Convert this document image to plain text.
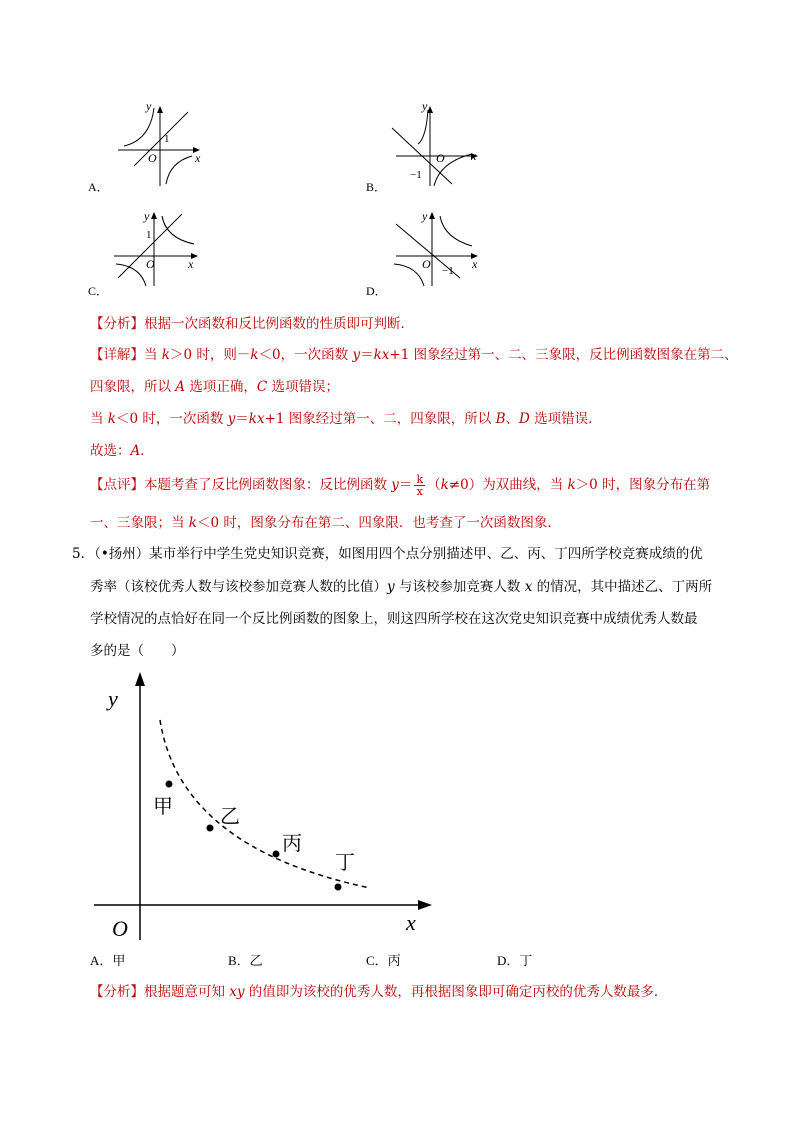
y
x
O
1
A．
y
x
O
−1
B．
y
x
O
1
C．
y
x
O −1
D．
【分析】根据一次函数和反比例函数的性质即可判断．
【详解】当 k＞0 时，则－k＜0，一次函数 y＝kx+1 图象经过第一、二、三象限，反比例函数图象在第二、
四象限，所以 A 选项正确，C 选项错误；
当 k＜0 时，一次函数 y＝kx+1 图象经过第一、二，四象限，所以 B、D 选项错误．
故选：A．
【点评】本题考查了反比例函数图象：反比例函数 $y= \frac{k}{x} (k\ne 0)$为双曲线，当 k＞0 时，图象分布在第
一、三象限；当 k＜0 时，图象分布在第二、四象限．也考查了一次函数图象．
5．（•扬州）某市举行中学生党史知识竞赛，如图用四个点分别描述甲、乙、丙、丁四所学校竞赛成绩的优
秀率（该校优秀人数与该校参加竞赛人数的比值）y 与该校参加竞赛人数 x 的情况，其中描述乙、丁两所
学校情况的点恰好在同一个反比例函数的图象上，则这四所学校在这次党史知识竞赛中成绩优秀人数最
多的是（　　）
y
x
O
甲 乙
丙
丁
A．甲	B．乙	C．丙	D．丁
【分析】根据题意可知 xy 的值即为该校的优秀人数，再根据图象即可确定丙校的优秀人数最多．
